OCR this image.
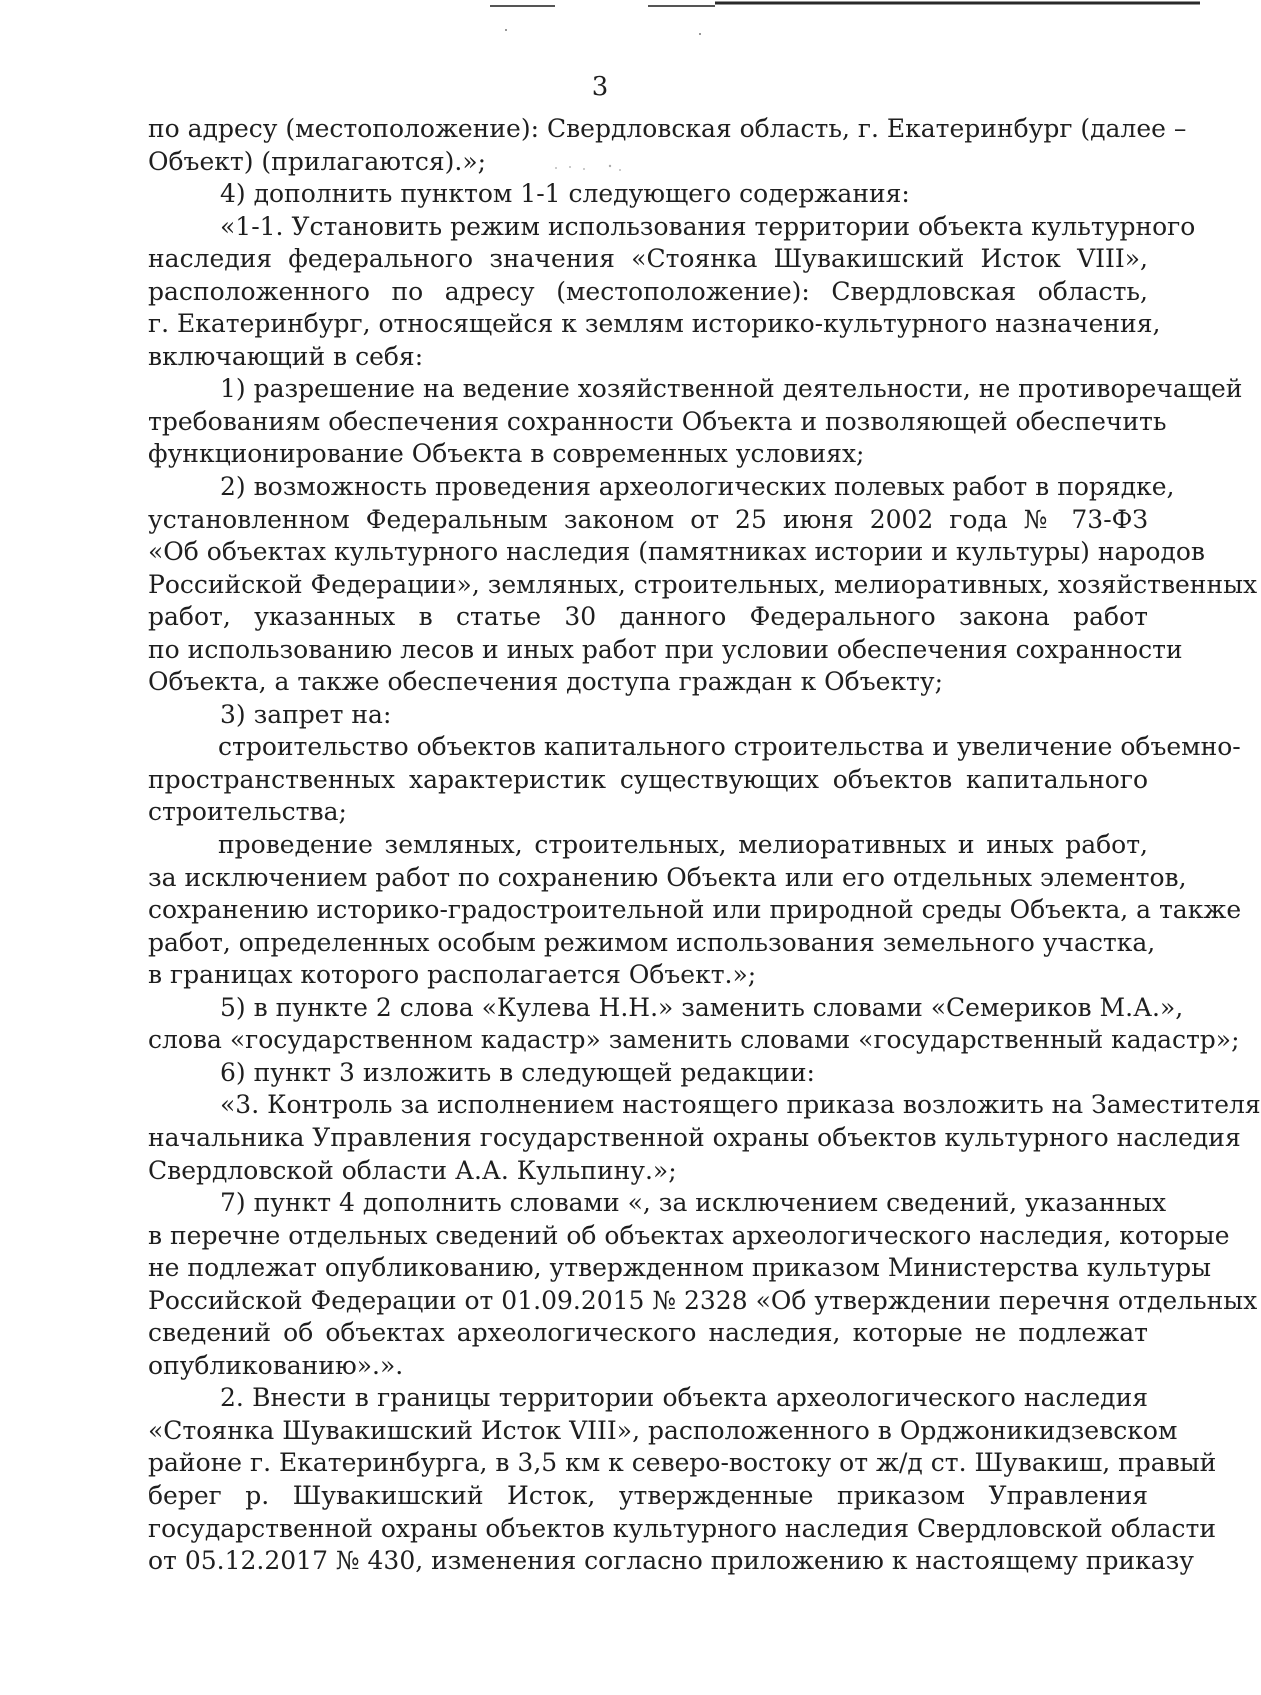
3
по адресу (местоположение): Свердловская область, г. Екатеринбург (далее –
Объект) (прилагаются).»;
4) дополнить пунктом 1-1 следующего содержания:
«1-1. Установить режим использования территории объекта культурного
наследия федерального значения «Стоянка Шувакишский Исток VIII»,
расположенного по адресу (местоположение): Свердловская область,
г. Екатеринбург, относящейся к землям историко-культурного назначения,
включающий в себя:
1) разрешение на ведение хозяйственной деятельности, не противоречащей
требованиям обеспечения сохранности Объекта и позволяющей обеспечить
функционирование Объекта в современных условиях;
2) возможность проведения археологических полевых работ в порядке,
установленном Федеральным законом от 25 июня 2002 года № 73-ФЗ
«Об объектах культурного наследия (памятниках истории и культуры) народов
Российской Федерации», земляных, строительных, мелиоративных, хозяйственных
работ, указанных в статье 30 данного Федерального закона работ
по использованию лесов и иных работ при условии обеспечения сохранности
Объекта, а также обеспечения доступа граждан к Объекту;
3) запрет на:
строительство объектов капитального строительства и увеличение объемно-
пространственных характеристик существующих объектов капитального
строительства;
проведение земляных, строительных, мелиоративных и иных работ,
за исключением работ по сохранению Объекта или его отдельных элементов,
сохранению историко-градостроительной или природной среды Объекта, а также
работ, определенных особым режимом использования земельного участка,
в границах которого располагается Объект.»;
5) в пункте 2 слова «Кулева Н.Н.» заменить словами «Семериков М.А.»,
слова «государственном кадастр» заменить словами «государственный кадастр»;
6) пункт 3 изложить в следующей редакции:
«3. Контроль за исполнением настоящего приказа возложить на Заместителя
начальника Управления государственной охраны объектов культурного наследия
Свердловской области А.А. Кульпину.»;
7) пункт 4 дополнить словами «, за исключением сведений, указанных
в перечне отдельных сведений об объектах археологического наследия, которые
не подлежат опубликованию, утвержденном приказом Министерства культуры
Российской Федерации от 01.09.2015 № 2328 «Об утверждении перечня отдельных
сведений об объектах археологического наследия, которые не подлежат
опубликованию».».
2. Внести в границы территории объекта археологического наследия
«Стоянка Шувакишский Исток VIII», расположенного в Орджоникидзевском
районе г. Екатеринбурга, в 3,5 км к северо-востоку от ж/д ст. Шувакиш, правый
берег р. Шувакишский Исток, утвержденные приказом Управления
государственной охраны объектов культурного наследия Свердловской области
от 05.12.2017 № 430, изменения согласно приложению к настоящему приказу
